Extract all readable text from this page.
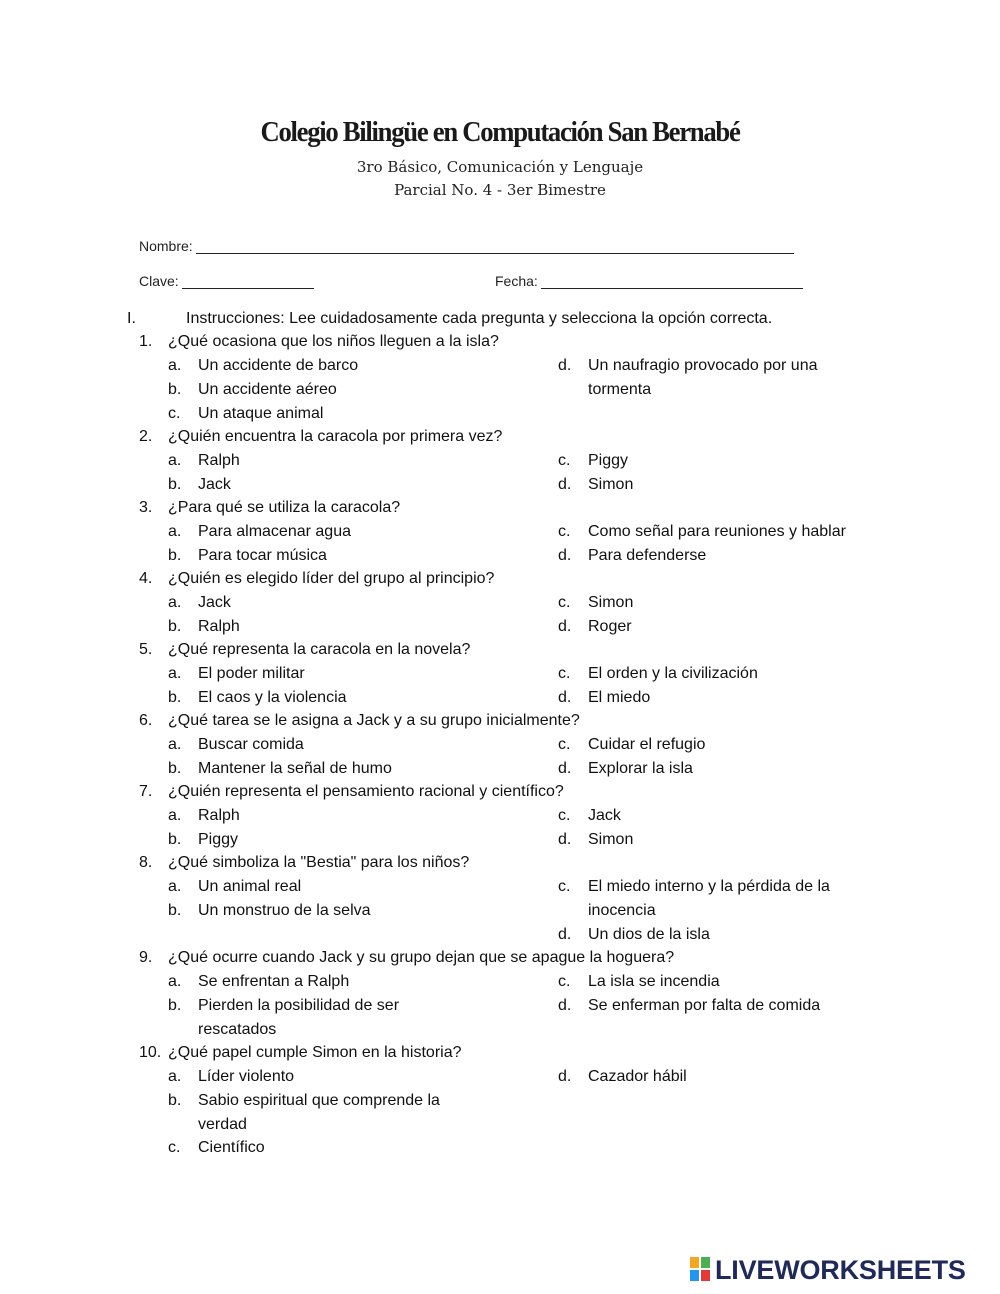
Colegio Bilingüe en Computación San Bernabé
3ro Básico, Comunicación y Lenguaje
Parcial No. 4 - 3er Bimestre
Nombre:
Clave:	Fecha:
I.	Instrucciones: Lee cuidadosamente cada pregunta y selecciona la opción correcta.
1. ¿Qué ocasiona que los niños lleguen a la isla?
a. Un accidente de barco
b. Un accidente aéreo
c. Un ataque animal
d. Un naufragio provocado por una tormenta
2. ¿Quién encuentra la caracola por primera vez?
a. Ralph
b. Jack
c. Piggy
d. Simon
3. ¿Para qué se utiliza la caracola?
a. Para almacenar agua
b. Para tocar música
c. Como señal para reuniones y hablar
d. Para defenderse
4. ¿Quién es elegido líder del grupo al principio?
a. Jack
b. Ralph
c. Simon
d. Roger
5. ¿Qué representa la caracola en la novela?
a. El poder militar
b. El caos y la violencia
c. El orden y la civilización
d. El miedo
6. ¿Qué tarea se le asigna a Jack y a su grupo inicialmente?
a. Buscar comida
b. Mantener la señal de humo
c. Cuidar el refugio
d. Explorar la isla
7. ¿Quién representa el pensamiento racional y científico?
a. Ralph
b. Piggy
c. Jack
d. Simon
8. ¿Qué simboliza la "Bestia" para los niños?
a. Un animal real
b. Un monstruo de la selva
c. El miedo interno y la pérdida de la inocencia
d. Un dios de la isla
9. ¿Qué ocurre cuando Jack y su grupo dejan que se apague la hoguera?
a. Se enfrentan a Ralph
b. Pierden la posibilidad de ser rescatados
c. La isla se incendia
d. Se enferman por falta de comida
10. ¿Qué papel cumple Simon en la historia?
a. Líder violento
b. Sabio espiritual que comprende la verdad
c. Científico
d. Cazador hábil
LIVEWORKSHEETS
